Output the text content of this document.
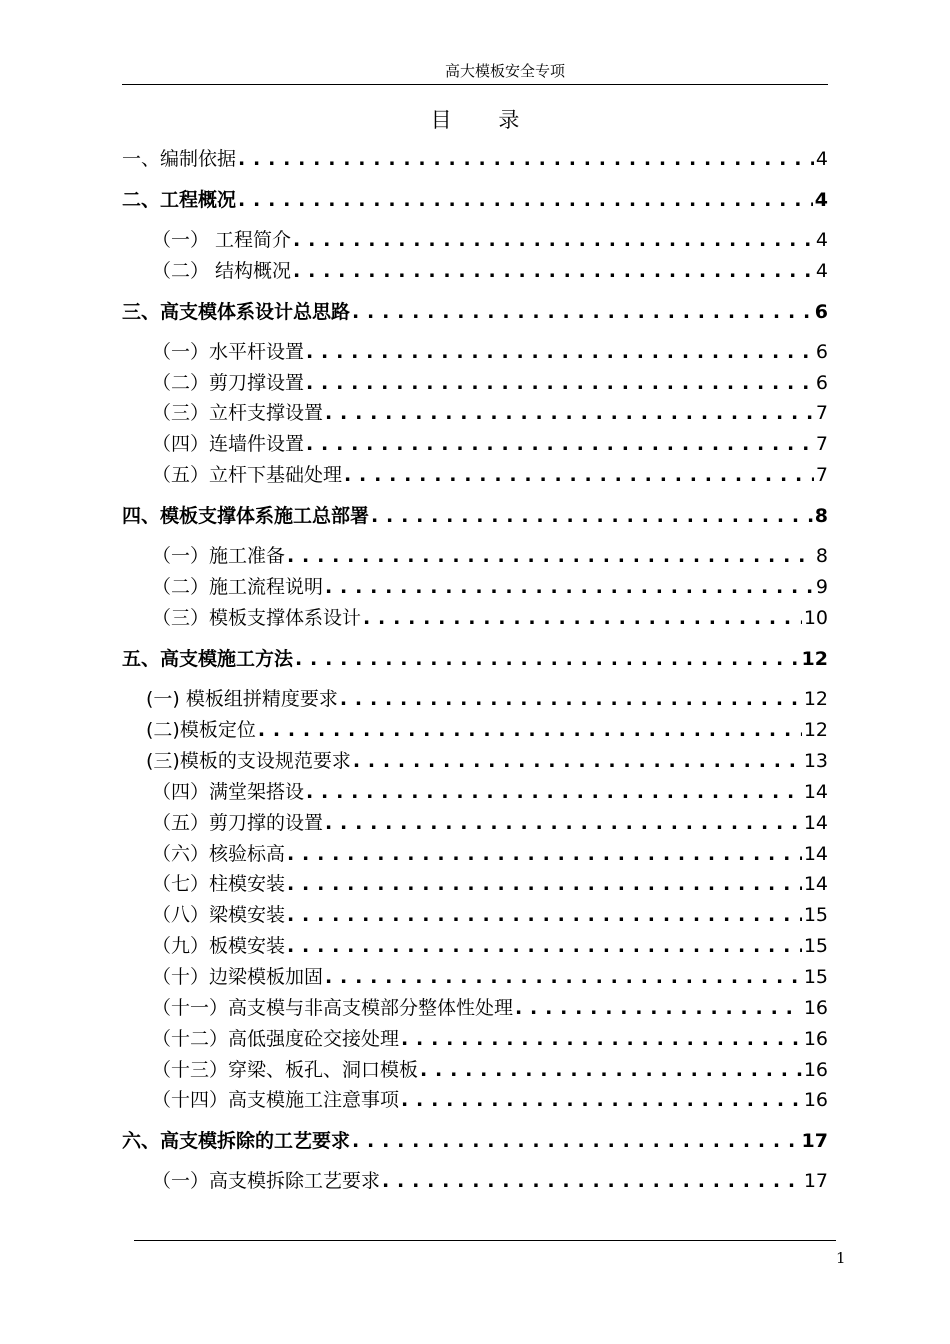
高大模板安全专项
目 录
一、编制依据 . . .	4
二、工程概况 . . .	4
（一） 工程简介 . . .	4
（二） 结构概况 . . .	4
三、高支模体系设计总思路 . . .	6
（一）水平杆设置 . . .	6
（二）剪刀撑设置 . . .	6
（三）立杆支撑设置 . . .	7
（四）连墙件设置 . . .	7
（五）立杆下基础处理 . . .	7
四、模板支撑体系施工总部署 . . .	8
（一）施工准备 . . .	8
（二）施工流程说明 . . .	9
（三）模板支撑体系设计 . . .	10
五、高支模施工方法 . . .	12
(一) 模板组拼精度要求 . . .	12
(二)模板定位 . . .	12
(三)模板的支设规范要求 . . .	13
（四）满堂架搭设 . . .	14
（五）剪刀撑的设置 . . .	14
（六）核验标高 . . .	14
（七）柱模安装 . . .	14
（八）梁模安装 . . .	15
（九）板模安装 . . .	15
（十）边梁模板加固 . . .	15
（十一）高支模与非高支模部分整体性处理 . . .	16
（十二）高低强度砼交接处理 . . .	16
（十三）穿梁、板孔、洞口模板 . . .	16
（十四）高支模施工注意事项 . . .	16
六、高支模拆除的工艺要求 . . .	17
（一）高支模拆除工艺要求 . . .	17
1
